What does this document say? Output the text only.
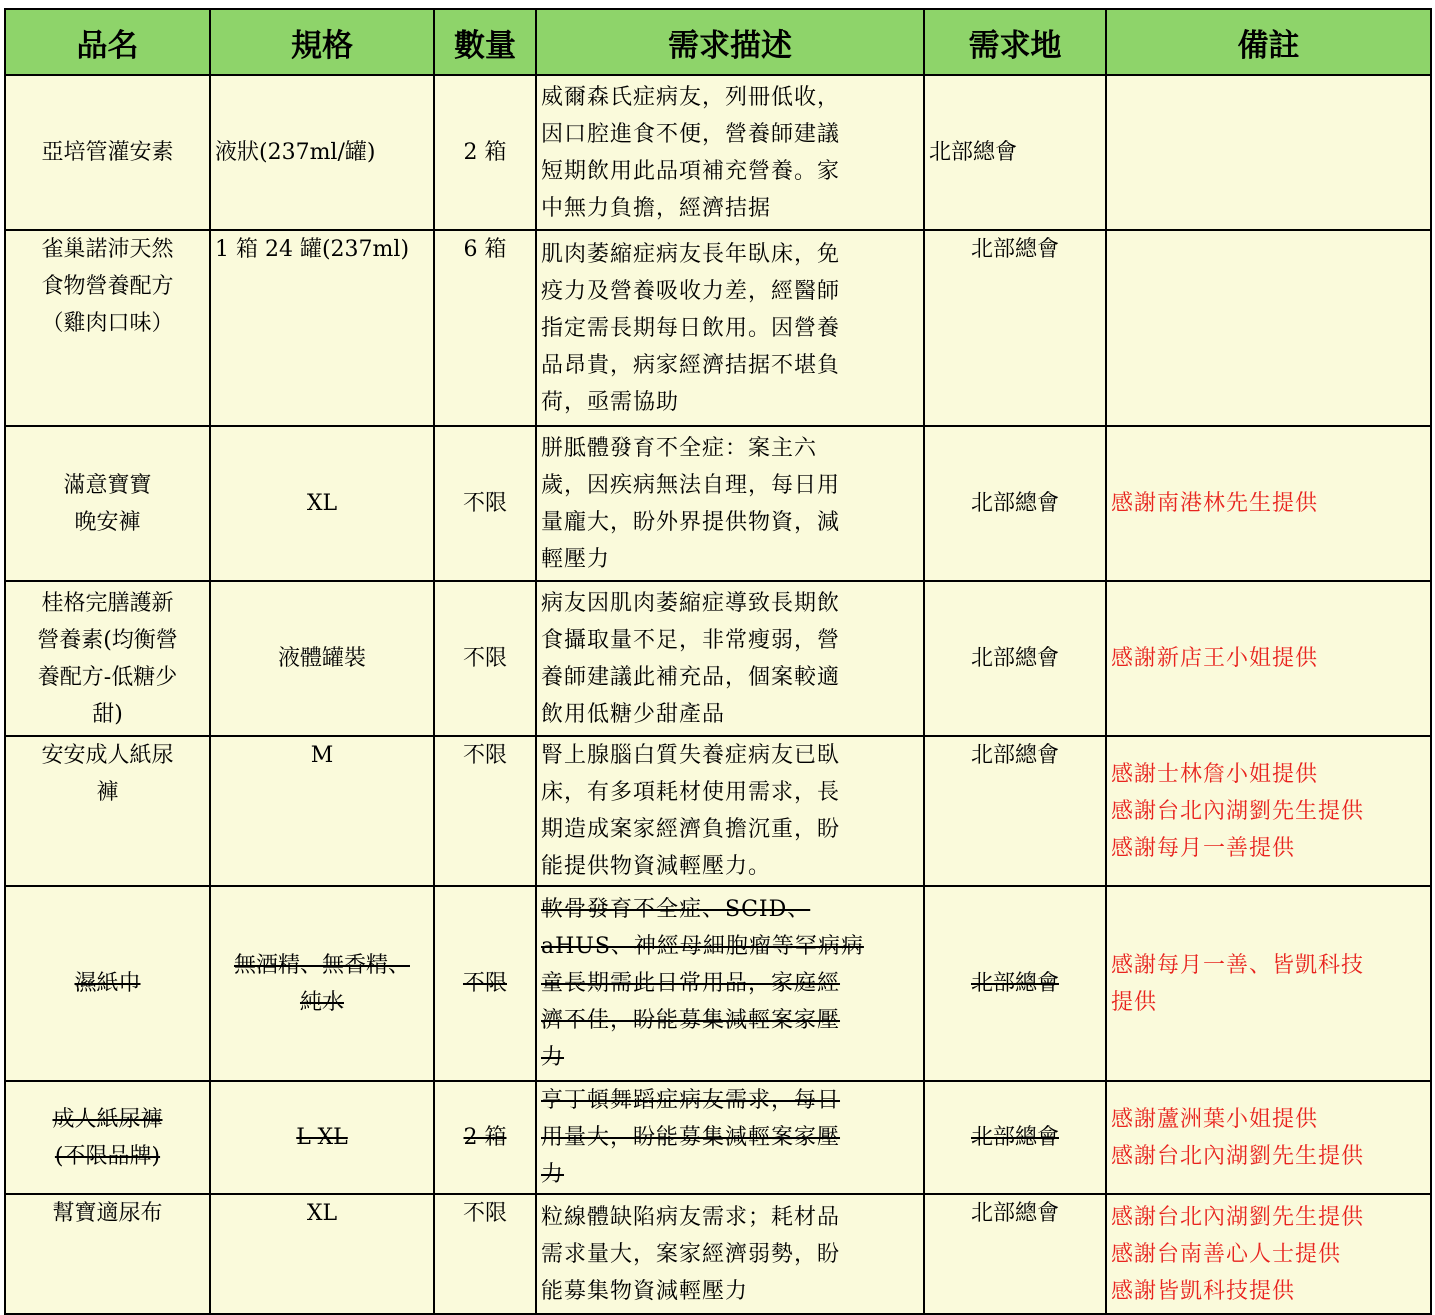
品名	規格	數量	需求描述	需求地	備註

亞培管灌安素	液狀(237ml/罐)	2 箱	威爾森氏症病友，列冊低收，
因口腔進食不便，營養師建議
短期飲用此品項補充營養。家
中無力負擔，經濟拮据	北部總會	

雀巢諾沛天然
食物營養配方
（雞肉口味）	1 箱 24 罐(237ml)	6 箱	肌肉萎縮症病友長年臥床，免
疫力及營養吸收力差，經醫師
指定需長期每日飲用。因營養
品昂貴，病家經濟拮据不堪負
荷，亟需協助	北部總會	

滿意寶寶
晚安褲	XL	不限	胼胝體發育不全症：案主六
歲，因疾病無法自理，每日用
量龐大，盼外界提供物資，減
輕壓力	北部總會	感謝南港林先生提供

桂格完膳護新
營養素(均衡營
養配方-低糖少
甜)	液體罐裝	不限	病友因肌肉萎縮症導致長期飲
食攝取量不足，非常瘦弱，營
養師建議此補充品，個案較適
飲用低糖少甜產品	北部總會	感謝新店王小姐提供

安安成人紙尿
褲	M	不限	腎上腺腦白質失養症病友已臥
床，有多項耗材使用需求，長
期造成案家經濟負擔沉重，盼
能提供物資減輕壓力。	北部總會	感謝士林詹小姐提供
感謝台北內湖劉先生提供
感謝每月一善提供

濕紙巾	無酒精、無香精、
純水	不限	軟骨發育不全症、SCID、
aHUS、神經母細胞瘤等罕病病
童長期需此日常用品，家庭經
濟不佳，盼能募集減輕案家壓
力	北部總會	感謝每月一善、皆凱科技
提供

成人紙尿褲
(不限品牌)	L-XL	2 箱	亨丁頓舞蹈症病友需求，每日
用量大，盼能募集減輕案家壓
力	北部總會	感謝蘆洲葉小姐提供
感謝台北內湖劉先生提供

幫寶適尿布	XL	不限	粒線體缺陷病友需求；耗材品
需求量大，案家經濟弱勢，盼
能募集物資減輕壓力	北部總會	感謝台北內湖劉先生提供
感謝台南善心人士提供
感謝皆凱科技提供
